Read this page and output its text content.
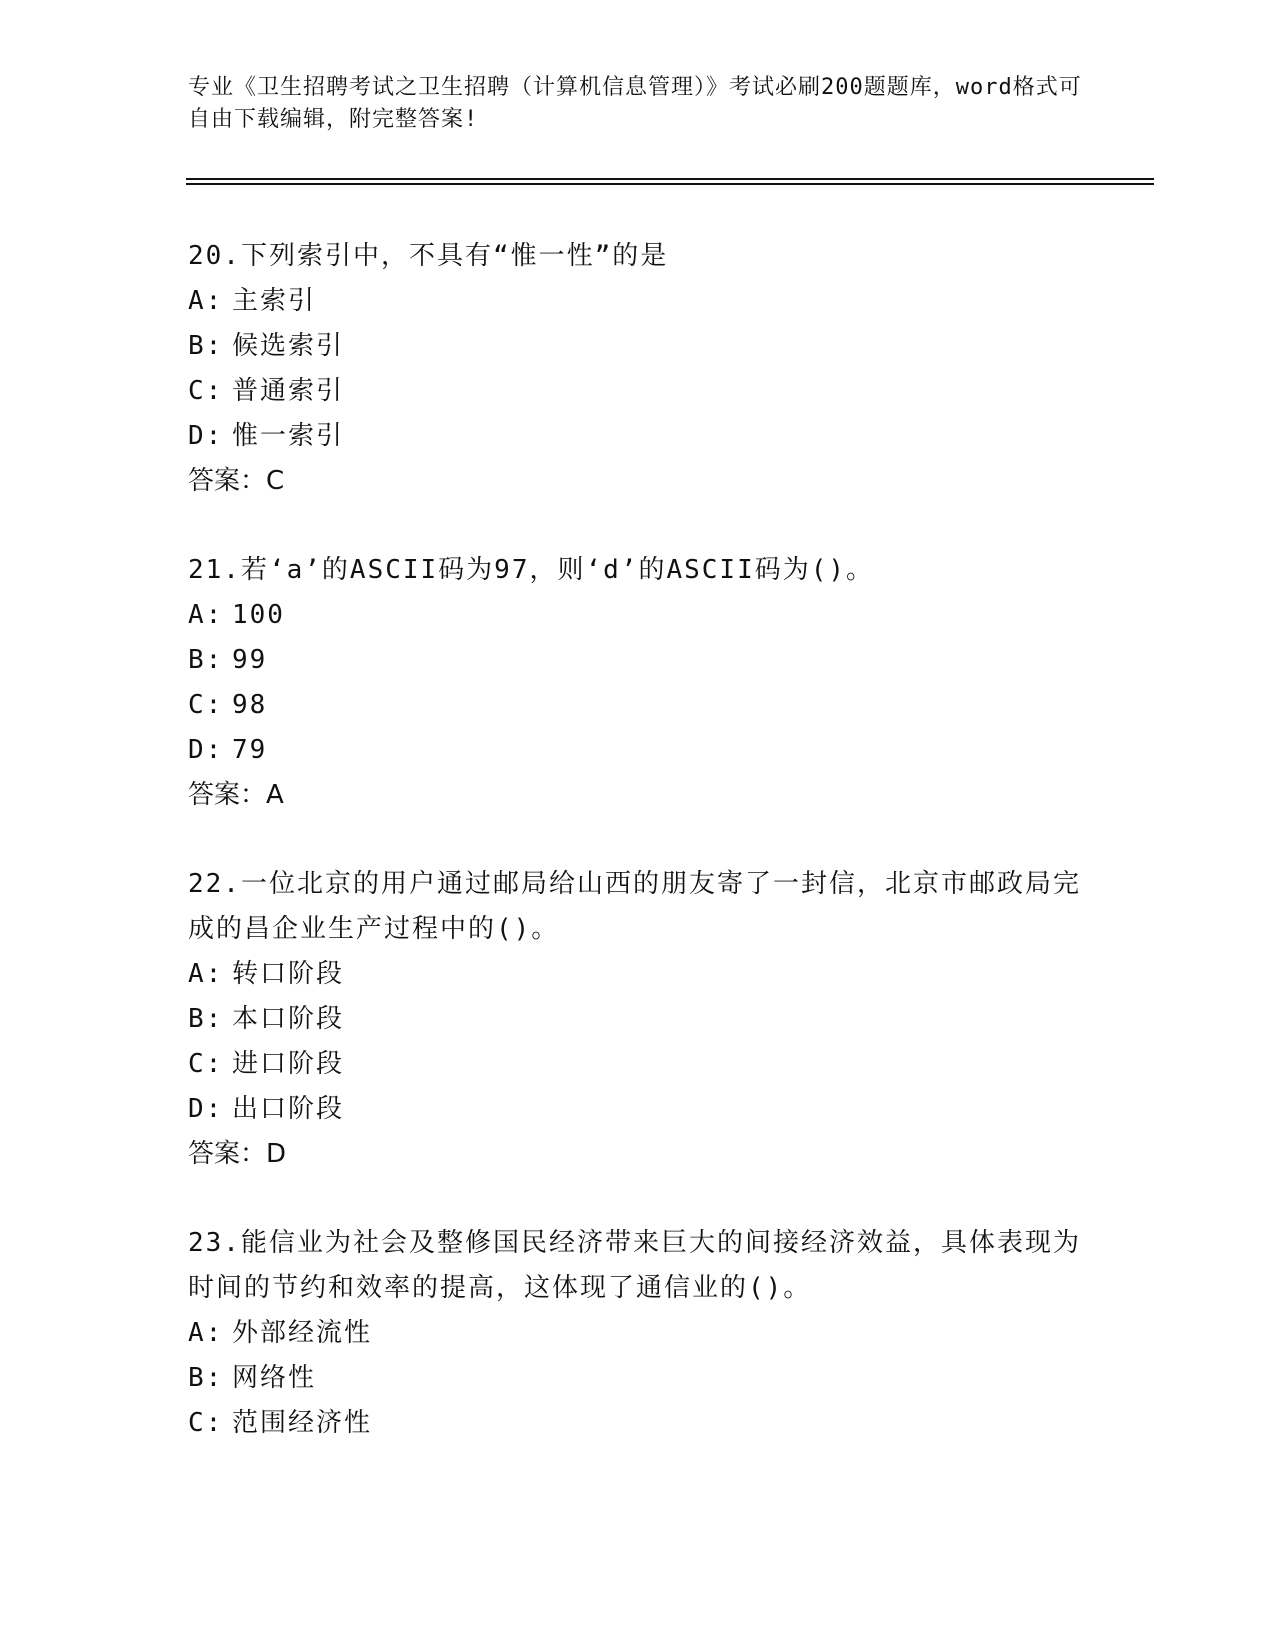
专业《卫生招聘考试之卫生招聘（计算机信息管理）》考试必刷200题题库，word格式可自由下载编辑，附完整答案!
20.下列索引中，不具有“惟一性”的是
A: 主索引
B: 候选索引
C: 普通索引
D: 惟一索引
答案：C
21.若‘a’的ASCII码为97，则‘d’的ASCII码为()。
A: 100
B: 99
C: 98
D: 79
答案：A
22.一位北京的用户通过邮局给山西的朋友寄了一封信，北京市邮政局完成的昌企业生产过程中的()。
A: 转口阶段
B: 本口阶段
C: 进口阶段
D: 出口阶段
答案：D
23.能信业为社会及整修国民经济带来巨大的间接经济效益，具体表现为时间的节约和效率的提高，这体现了通信业的()。
A: 外部经流性
B: 网络性
C: 范围经济性
